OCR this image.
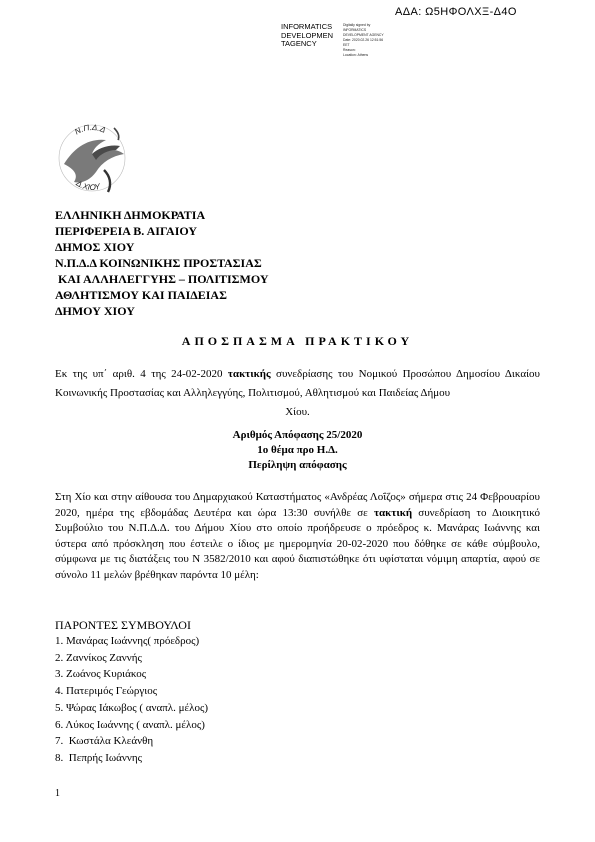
ΑΔΑ: Ω5ΗΦΟΛΧΞ-Δ4Ο
INFORMATICS
DEVELOPMEN
TAGENCY
Digitally signed by
INFORMATICS
DEVELOPMENT AGENCY
Date: 2020.02.26 12:51:56
EET
Reason:
Location: Athens
Ν.Π.Δ.Δ
Δ.ΧΙΟΥ
ΕΛΛΗΝΙΚΗ ΔΗΜΟΚΡΑΤΙΑ
ΠΕΡΙΦΕΡΕΙΑ Β. ΑΙΓΑΙΟΥ
ΔΗΜΟΣ ΧΙΟΥ
Ν.Π.Δ.Δ ΚΟΙΝΩΝΙΚΗΣ ΠΡΟΣΤΑΣΙΑΣ
ΚΑΙ ΑΛΛΗΛΕΓΓΥΗΣ – ΠΟΛΙΤΙΣΜΟΥ
ΑΘΛΗΤΙΣΜΟΥ ΚΑΙ ΠΑΙΔΕΙΑΣ
ΔΗΜΟΥ ΧΙΟΥ
ΑΠΟΣΠΑΣΜΑ ΠΡΑΚΤΙΚΟΥ
Εκ της υπ΄ αριθ. 4 της 24-02-2020 τακτικής συνεδρίασης του Νομικού Προσώπου Δημοσίου Δικαίου Κοινωνικής Προστασίας και Αλληλεγγύης, Πολιτισμού, Αθλητισμού και Παιδείας Δήμου
Χίου.
Αριθμός Απόφασης 25/2020
1ο θέμα προ Η.Δ.
Περίληψη απόφασης
Στη Χίο και στην αίθουσα του Δημαρχιακού Καταστήματος «Ανδρέας Λοΐζος» σήμερα στις 24 Φεβρουαρίου 2020, ημέρα της εβδομάδας Δευτέρα και ώρα 13:30 συνήλθε σε τακτική συνεδρίαση το Διοικητικό Συμβούλιο του Ν.Π.Δ.Δ. του Δήμου Χίου στο οποίο προήδρευσε ο πρόεδρος κ. Μανάρας Ιωάννης και ύστερα από πρόσκληση που έστειλε ο ίδιος με ημερομηνία 20-02-2020 που δόθηκε σε κάθε σύμβουλο, σύμφωνα με τις διατάξεις του Ν 3582/2010 και αφού διαπιστώθηκε ότι υφίσταται νόμιμη απαρτία, αφού σε σύνολο 11 μελών βρέθηκαν παρόντα 10 μέλη:
ΠΑΡΟΝΤΕΣ ΣΥΜΒΟΥΛΟΙ
1. Μανάρας Ιωάννης( πρόεδρος)
2. Ζαννίκος Ζαννής
3. Ζωάνος Κυριάκος
4. Πατεριμός Γεώργιος
5. Ψώρας Ιάκωβος ( αναπλ. μέλος)
6. Λύκος Ιωάννης ( αναπλ. μέλος)
7.  Κωστάλα Κλεάνθη
8.  Πεπρής Ιωάννης
1
